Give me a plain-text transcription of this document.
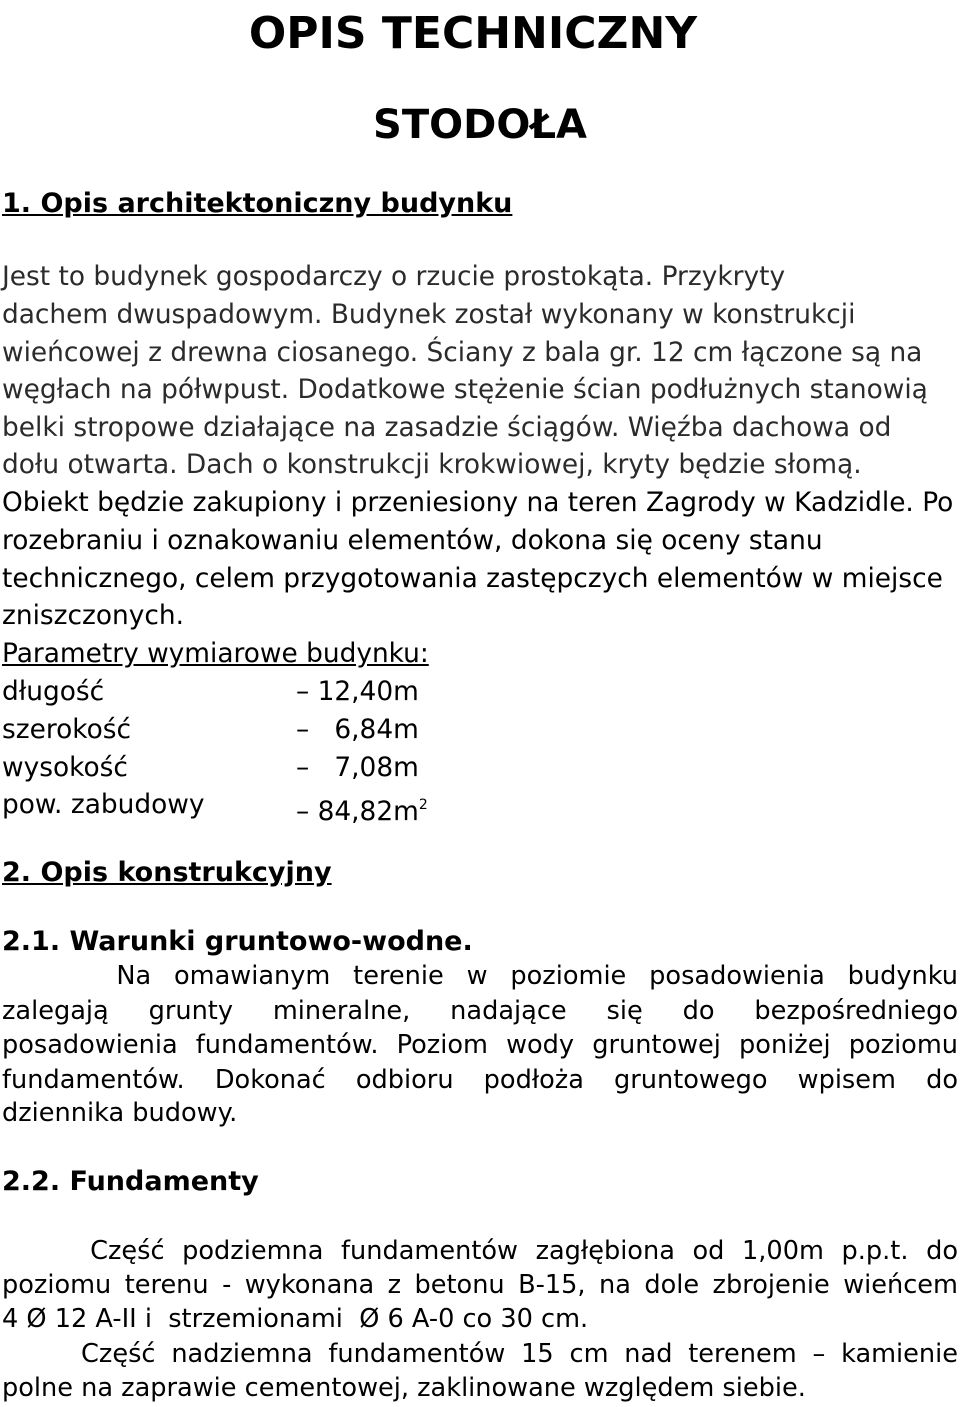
OPIS TECHNICZNY
STODOŁA
1. Opis architektoniczny budynku
Jest to budynek gospodarczy o rzucie prostokąta. Przykryty
dachem dwuspadowym. Budynek został wykonany w konstrukcji
wieńcowej z drewna ciosanego. Ściany z bala gr. 12 cm łączone są na
węgłach na półwpust. Dodatkowe stężenie ścian podłużnych stanowią
belki stropowe działające na zasadzie ściągów. Więźba dachowa od
dołu otwarta. Dach o konstrukcji krokwiowej, kryty będzie słomą.
Obiekt będzie zakupiony i przeniesiony na teren Zagrody w Kadzidle. Po
rozebraniu i oznakowaniu elementów, dokona się oceny stanu
technicznego, celem przygotowania zastępczych elementów w miejsce
zniszczonych.
Parametry wymiarowe budynku:
długość	– 12,40m
szerokość	–   6,84m
wysokość	–   7,08m
pow. zabudowy	– $84,82m^2$
2. Opis konstrukcyjny
2.1. Warunki gruntowo-wodne.
Na omawianym terenie w poziomie posadowienia budynku
zalegają grunty mineralne, nadające się do bezpośredniego
posadowienia fundamentów. Poziom wody gruntowej poniżej poziomu
fundamentów. Dokonać odbioru podłoża gruntowego wpisem do
dziennika budowy.
2.2. Fundamenty
Część podziemna fundamentów zagłębiona od 1,00m p.p.t. do
poziomu terenu - wykonana z betonu B-15, na dole zbrojenie wieńcem
4 Ø 12 A-II i  strzemionami  Ø 6 A-0 co 30 cm.
Część nadziemna fundamentów 15 cm nad terenem – kamienie
polne na zaprawie cementowej, zaklinowane względem siebie.
